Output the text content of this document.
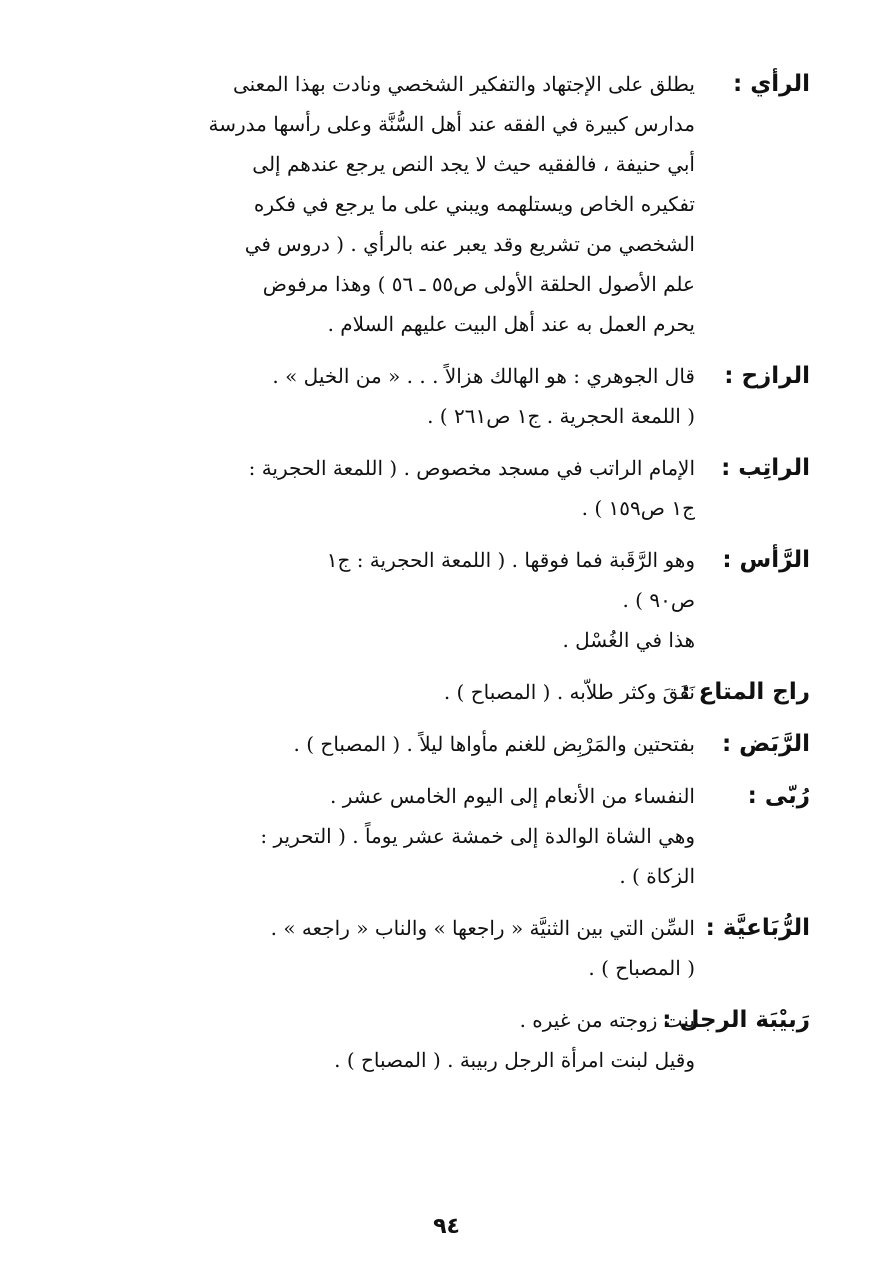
الرأي :
يطلق على الإجتهاد والتفكير الشخصي ونادت بهذا المعنى
مدارس كبيرة في الفقه عند أهل السُّنَّة وعلى رأسها مدرسة
أبي حنيفة ، فالفقيه حيث لا يجد النص يرجع عندهم إلى
تفكيره الخاص ويستلهمه ويبني على ما يرجع في فكره
الشخصي من تشريع وقد يعبر عنه بالرأي . ( دروس في
علم الأصول الحلقة الأولى ص٥٥ ـ ٥٦ ) وهذا مرفوض
يحرم العمل به عند أهل البيت عليهم السلام .
الرازح :
قال الجوهري : هو الهالك هزالاً . . . « من الخيل » .
( اللمعة الحجرية . ج١ ص٢٦١ ) .
الراتِب :
الإمام الراتب في مسجد مخصوص . ( اللمعة الحجرية :
ج١ ص١٥٩ ) .
الرَّأس :
وهو الرَّقَبة فما فوقها . ( اللمعة الحجرية : ج١
ص٩٠ ) .
هذا في الغُسْل .
راج المتاع :
نَفَقَ وكثر طلاّبه . ( المصباح ) .
الرَّبَض :
بفتحتين والمَرْبِض للغنم مأواها ليلاً . ( المصباح ) .
رُبّى :
النفساء من الأنعام إلى اليوم الخامس عشر .
وهي الشاة الوالدة إلى خمشة عشر يوماً . ( التحرير :
الزكاة ) .
الرُّبَاعيَّة :
السِّن التي بين الثنيَّة « راجعها » والناب « راجعه » .
( المصباح ) .
رَبيْبَة الرجل :
بنت زوجته من غيره .
وقيل لبنت امرأة الرجل ربيبة . ( المصباح ) .
٩٤
